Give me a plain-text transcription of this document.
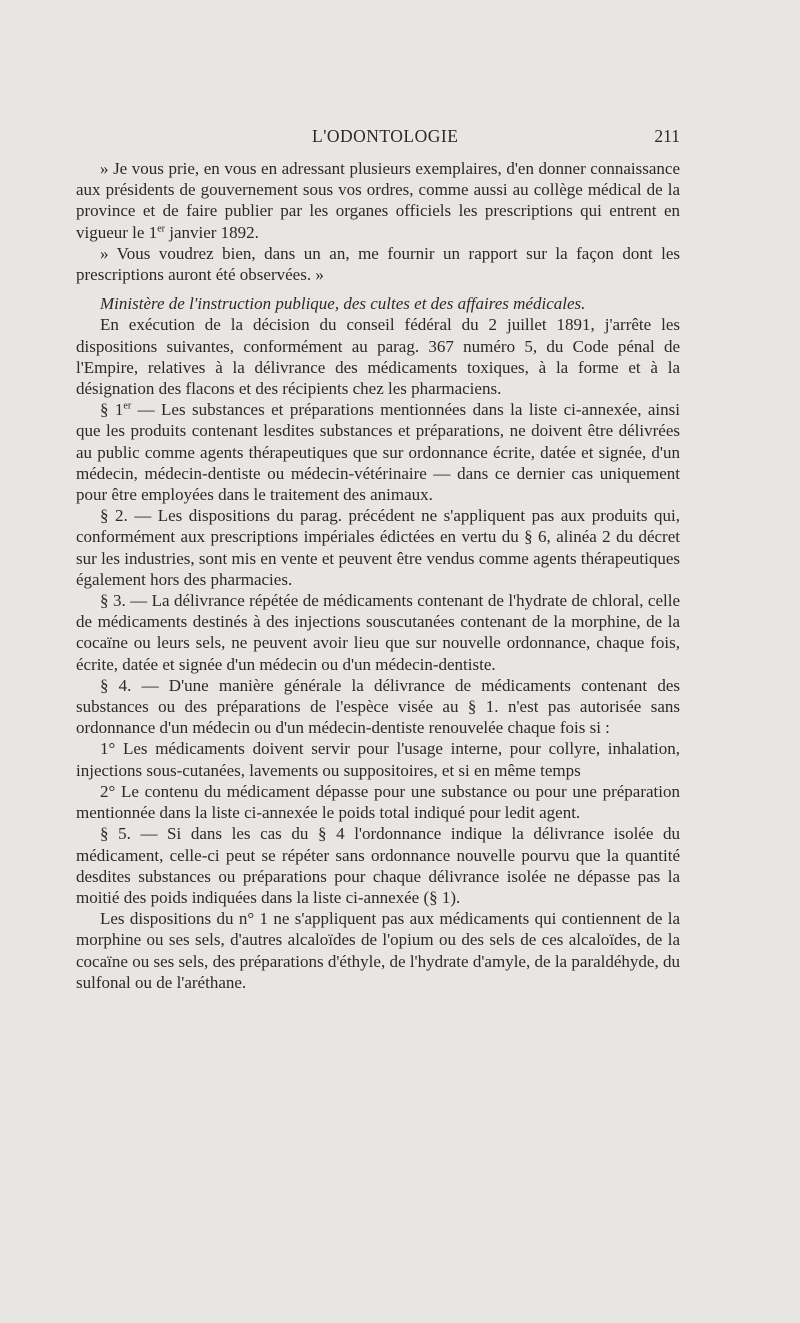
L'ODONTOLOGIE	211

» Je vous prie, en vous en adressant plusieurs exemplaires, d'en donner connaissance aux présidents de gouvernement sous vos ordres, comme aussi au collège médical de la province et de faire publier par les organes officiels les prescriptions qui entrent en vigueur le 1er janvier 1892.

» Vous voudrez bien, dans un an, me fournir un rapport sur la façon dont les prescriptions auront été observées. »

Ministère de l'instruction publique, des cultes et des affaires médicales.

En exécution de la décision du conseil fédéral du 2 juillet 1891, j'arrête les dispositions suivantes, conformément au parag. 367 numéro 5, du Code pénal de l'Empire, relatives à la délivrance des médicaments toxiques, à la forme et à la désignation des flacons et des récipients chez les pharmaciens.

§ 1er — Les substances et préparations mentionnées dans la liste ci-annexée, ainsi que les produits contenant lesdites substances et préparations, ne doivent être délivrées au public comme agents thérapeutiques que sur ordonnance écrite, datée et signée, d'un médecin, médecin-dentiste ou médecin-vétérinaire — dans ce dernier cas uniquement pour être employées dans le traitement des animaux.

§ 2. — Les dispositions du parag. précédent ne s'appliquent pas aux produits qui, conformément aux prescriptions impériales édictées en vertu du § 6, alinéa 2 du décret sur les industries, sont mis en vente et peuvent être vendus comme agents thérapeutiques également hors des pharmacies.

§ 3. — La délivrance répétée de médicaments contenant de l'hydrate de chloral, celle de médicaments destinés à des injections souscutanées contenant de la morphine, de la cocaïne ou leurs sels, ne peuvent avoir lieu que sur nouvelle ordonnance, chaque fois, écrite, datée et signée d'un médecin ou d'un médecin-dentiste.

§ 4. — D'une manière générale la délivrance de médicaments contenant des substances ou des préparations de l'espèce visée au § 1. n'est pas autorisée sans ordonnance d'un médecin ou d'un médecin-dentiste renouvelée chaque fois si :

1° Les médicaments doivent servir pour l'usage interne, pour collyre, inhalation, injections sous-cutanées, lavements ou suppositoires, et si en même temps

2° Le contenu du médicament dépasse pour une substance ou pour une préparation mentionnée dans la liste ci-annexée le poids total indiqué pour ledit agent.

§ 5. — Si dans les cas du § 4 l'ordonnance indique la délivrance isolée du médicament, celle-ci peut se répéter sans ordonnance nouvelle pourvu que la quantité desdites substances ou préparations pour chaque délivrance isolée ne dépasse pas la moitié des poids indiquées dans la liste ci-annexée (§ 1).

Les dispositions du n° 1 ne s'appliquent pas aux médicaments qui contiennent de la morphine ou ses sels, d'autres alcaloïdes de l'opium ou des sels de ces alcaloïdes, de la cocaïne ou ses sels, des préparations d'éthyle, de l'hydrate d'amyle, de la paraldéhyde, du sulfonal ou de l'aréthane.
